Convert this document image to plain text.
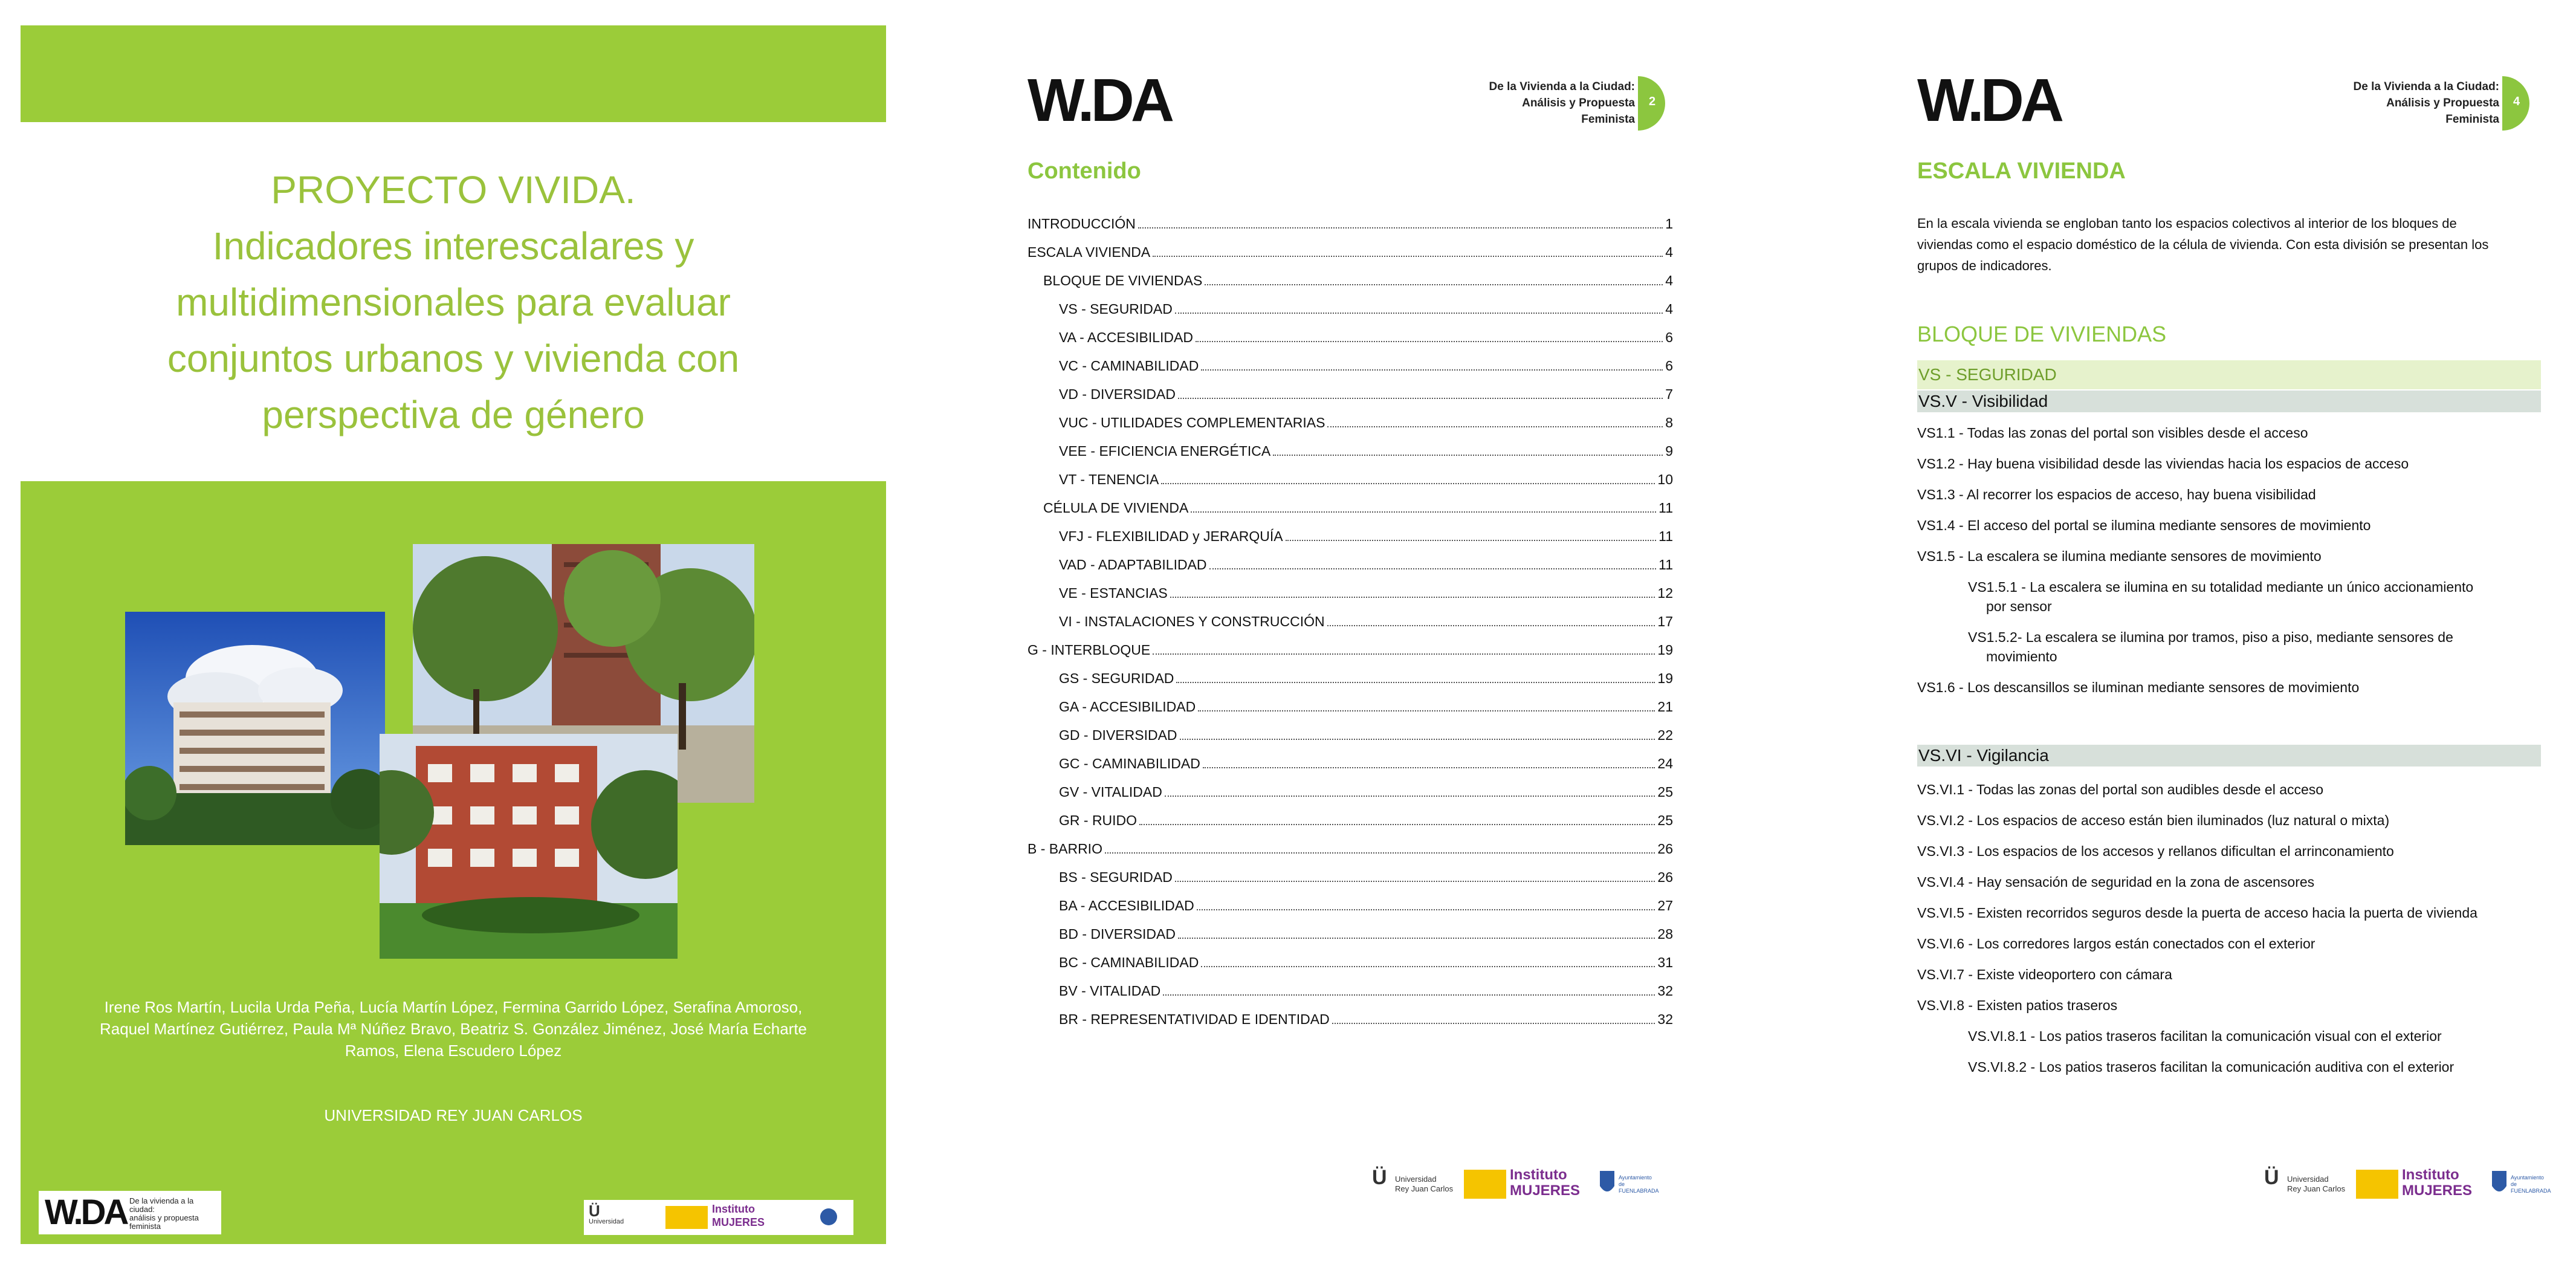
PROYECTO VIVIDA.
Indicadores interescalares y
multidimensionales para evaluar
conjuntos urbanos y vivienda con
perspectiva de género
Irene Ros Martín, Lucila Urda Peña, Lucía Martín López, Fermina Garrido López, Serafina Amoroso,
Raquel Martínez Gutiérrez, Paula Mª Núñez Bravo, Beatriz S. González Jiménez, José María Echarte
Ramos, Elena Escudero López
UNIVERSIDAD REY JUAN CARLOS
W.DA De la vivienda a la
ciudad:
análisis y propuesta
feminista
Ü
Universidad
Instituto
MUJERES
W.DA	De la Vivienda a la Ciudad:
Análisis y Propuesta
Feminista
2
Contenido
INTRODUCCIÓN	1
ESCALA VIVIENDA	4
BLOQUE DE VIVIENDAS	4
VS - SEGURIDAD	4
VA - ACCESIBILIDAD	6
VC - CAMINABILIDAD	6
VD - DIVERSIDAD	7
VUC - UTILIDADES COMPLEMENTARIAS	8
VEE - EFICIENCIA ENERGÉTICA	9
VT - TENENCIA	10
CÉLULA DE VIVIENDA	11
VFJ - FLEXIBILIDAD y JERARQUÍA	11
VAD - ADAPTABILIDAD	11
VE - ESTANCIAS	12
VI - INSTALACIONES Y CONSTRUCCIÓN	17
G - INTERBLOQUE	19
GS - SEGURIDAD	19
GA - ACCESIBILIDAD	21
GD - DIVERSIDAD	22
GC - CAMINABILIDAD	24
GV - VITALIDAD	25
GR - RUIDO	25
B - BARRIO	26
BS - SEGURIDAD	26
BA - ACCESIBILIDAD	27
BD - DIVERSIDAD	28
BC - CAMINABILIDAD	31
BV - VITALIDAD	32
BR - REPRESENTATIVIDAD E IDENTIDAD	32
Ü Universidad
Rey Juan Carlos
Instituto
MUJERES
Ayuntamiento de
FUENLABRADA
W.DA	De la Vivienda a la Ciudad:
Análisis y Propuesta
Feminista
4
ESCALA VIVIENDA
En la escala vivienda se engloban tanto los espacios colectivos al interior de los bloques de
viviendas como el espacio doméstico de la célula de vivienda. Con esta división se presentan los
grupos de indicadores.
BLOQUE DE VIVIENDAS
VS - SEGURIDAD
VS.V - Visibilidad
VS1.1 - Todas las zonas del portal son visibles desde el acceso
VS1.2 - Hay buena visibilidad desde las viviendas hacia los espacios de acceso
VS1.3 - Al recorrer los espacios de acceso, hay buena visibilidad
VS1.4 - El acceso del portal se ilumina mediante sensores de movimiento
VS1.5 - La escalera se ilumina mediante sensores de movimiento
VS1.5.1 - La escalera se ilumina en su totalidad mediante un único accionamiento
por sensor
VS1.5.2- La escalera se ilumina por tramos, piso a piso, mediante sensores de
movimiento
VS1.6 - Los descansillos se iluminan mediante sensores de movimiento
VS.VI - Vigilancia
VS.VI.1 - Todas las zonas del portal son audibles desde el acceso
VS.VI.2 - Los espacios de acceso están bien iluminados (luz natural o mixta)
VS.VI.3 - Los espacios de los accesos y rellanos dificultan el arrinconamiento
VS.VI.4 - Hay sensación de seguridad en la zona de ascensores
VS.VI.5 - Existen recorridos seguros desde la puerta de acceso hacia la puerta de vivienda
VS.VI.6 - Los corredores largos están conectados con el exterior
VS.VI.7 - Existe videoportero con cámara
VS.VI.8 - Existen patios traseros
VS.VI.8.1 - Los patios traseros facilitan la comunicación visual con el exterior
VS.VI.8.2 - Los patios traseros facilitan la comunicación auditiva con el exterior
Ü Universidad
Rey Juan Carlos
Instituto
MUJERES
Ayuntamiento de
FUENLABRADA
